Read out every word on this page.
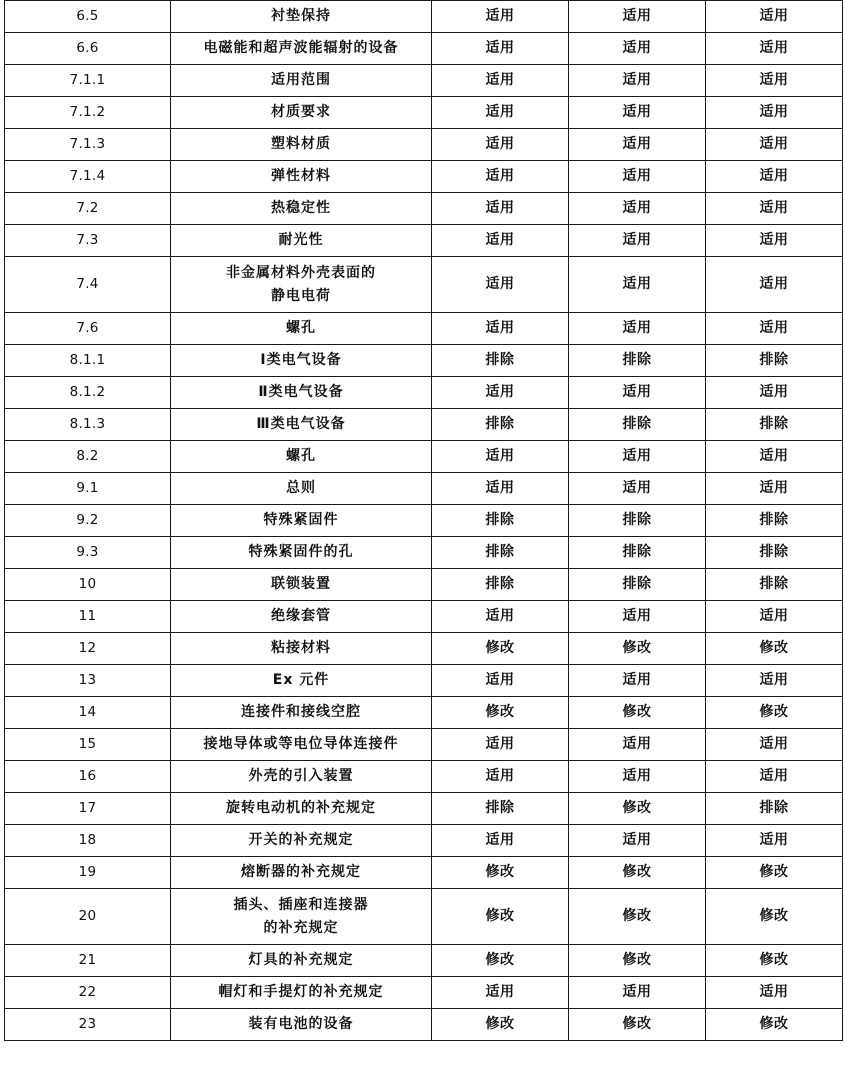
6.5	衬垫保持	适用	适用	适用
6.6	电磁能和超声波能辐射的设备	适用	适用	适用
7.1.1	适用范围	适用	适用	适用
7.1.2	材质要求	适用	适用	适用
7.1.3	塑料材质	适用	适用	适用
7.1.4	弹性材料	适用	适用	适用
7.2	热稳定性	适用	适用	适用
7.3	耐光性	适用	适用	适用
7.4	非金属材料外壳表面的
静电电荷	适用	适用	适用
7.6	螺孔	适用	适用	适用
8.1.1	Ⅰ类电气设备	排除	排除	排除
8.1.2	Ⅱ类电气设备	适用	适用	适用
8.1.3	Ⅲ类电气设备	排除	排除	排除
8.2	螺孔	适用	适用	适用
9.1	总则	适用	适用	适用
9.2	特殊紧固件	排除	排除	排除
9.3	特殊紧固件的孔	排除	排除	排除
10	联锁装置	排除	排除	排除
11	绝缘套管	适用	适用	适用
12	粘接材料	修改	修改	修改
13	Ex 元件	适用	适用	适用
14	连接件和接线空腔	修改	修改	修改
15	接地导体或等电位导体连接件	适用	适用	适用
16	外壳的引入装置	适用	适用	适用
17	旋转电动机的补充规定	排除	修改	排除
18	开关的补充规定	适用	适用	适用
19	熔断器的补充规定	修改	修改	修改
20	插头、插座和连接器
的补充规定	修改	修改	修改
21	灯具的补充规定	修改	修改	修改
22	帽灯和手提灯的补充规定	适用	适用	适用
23	装有电池的设备	修改	修改	修改
